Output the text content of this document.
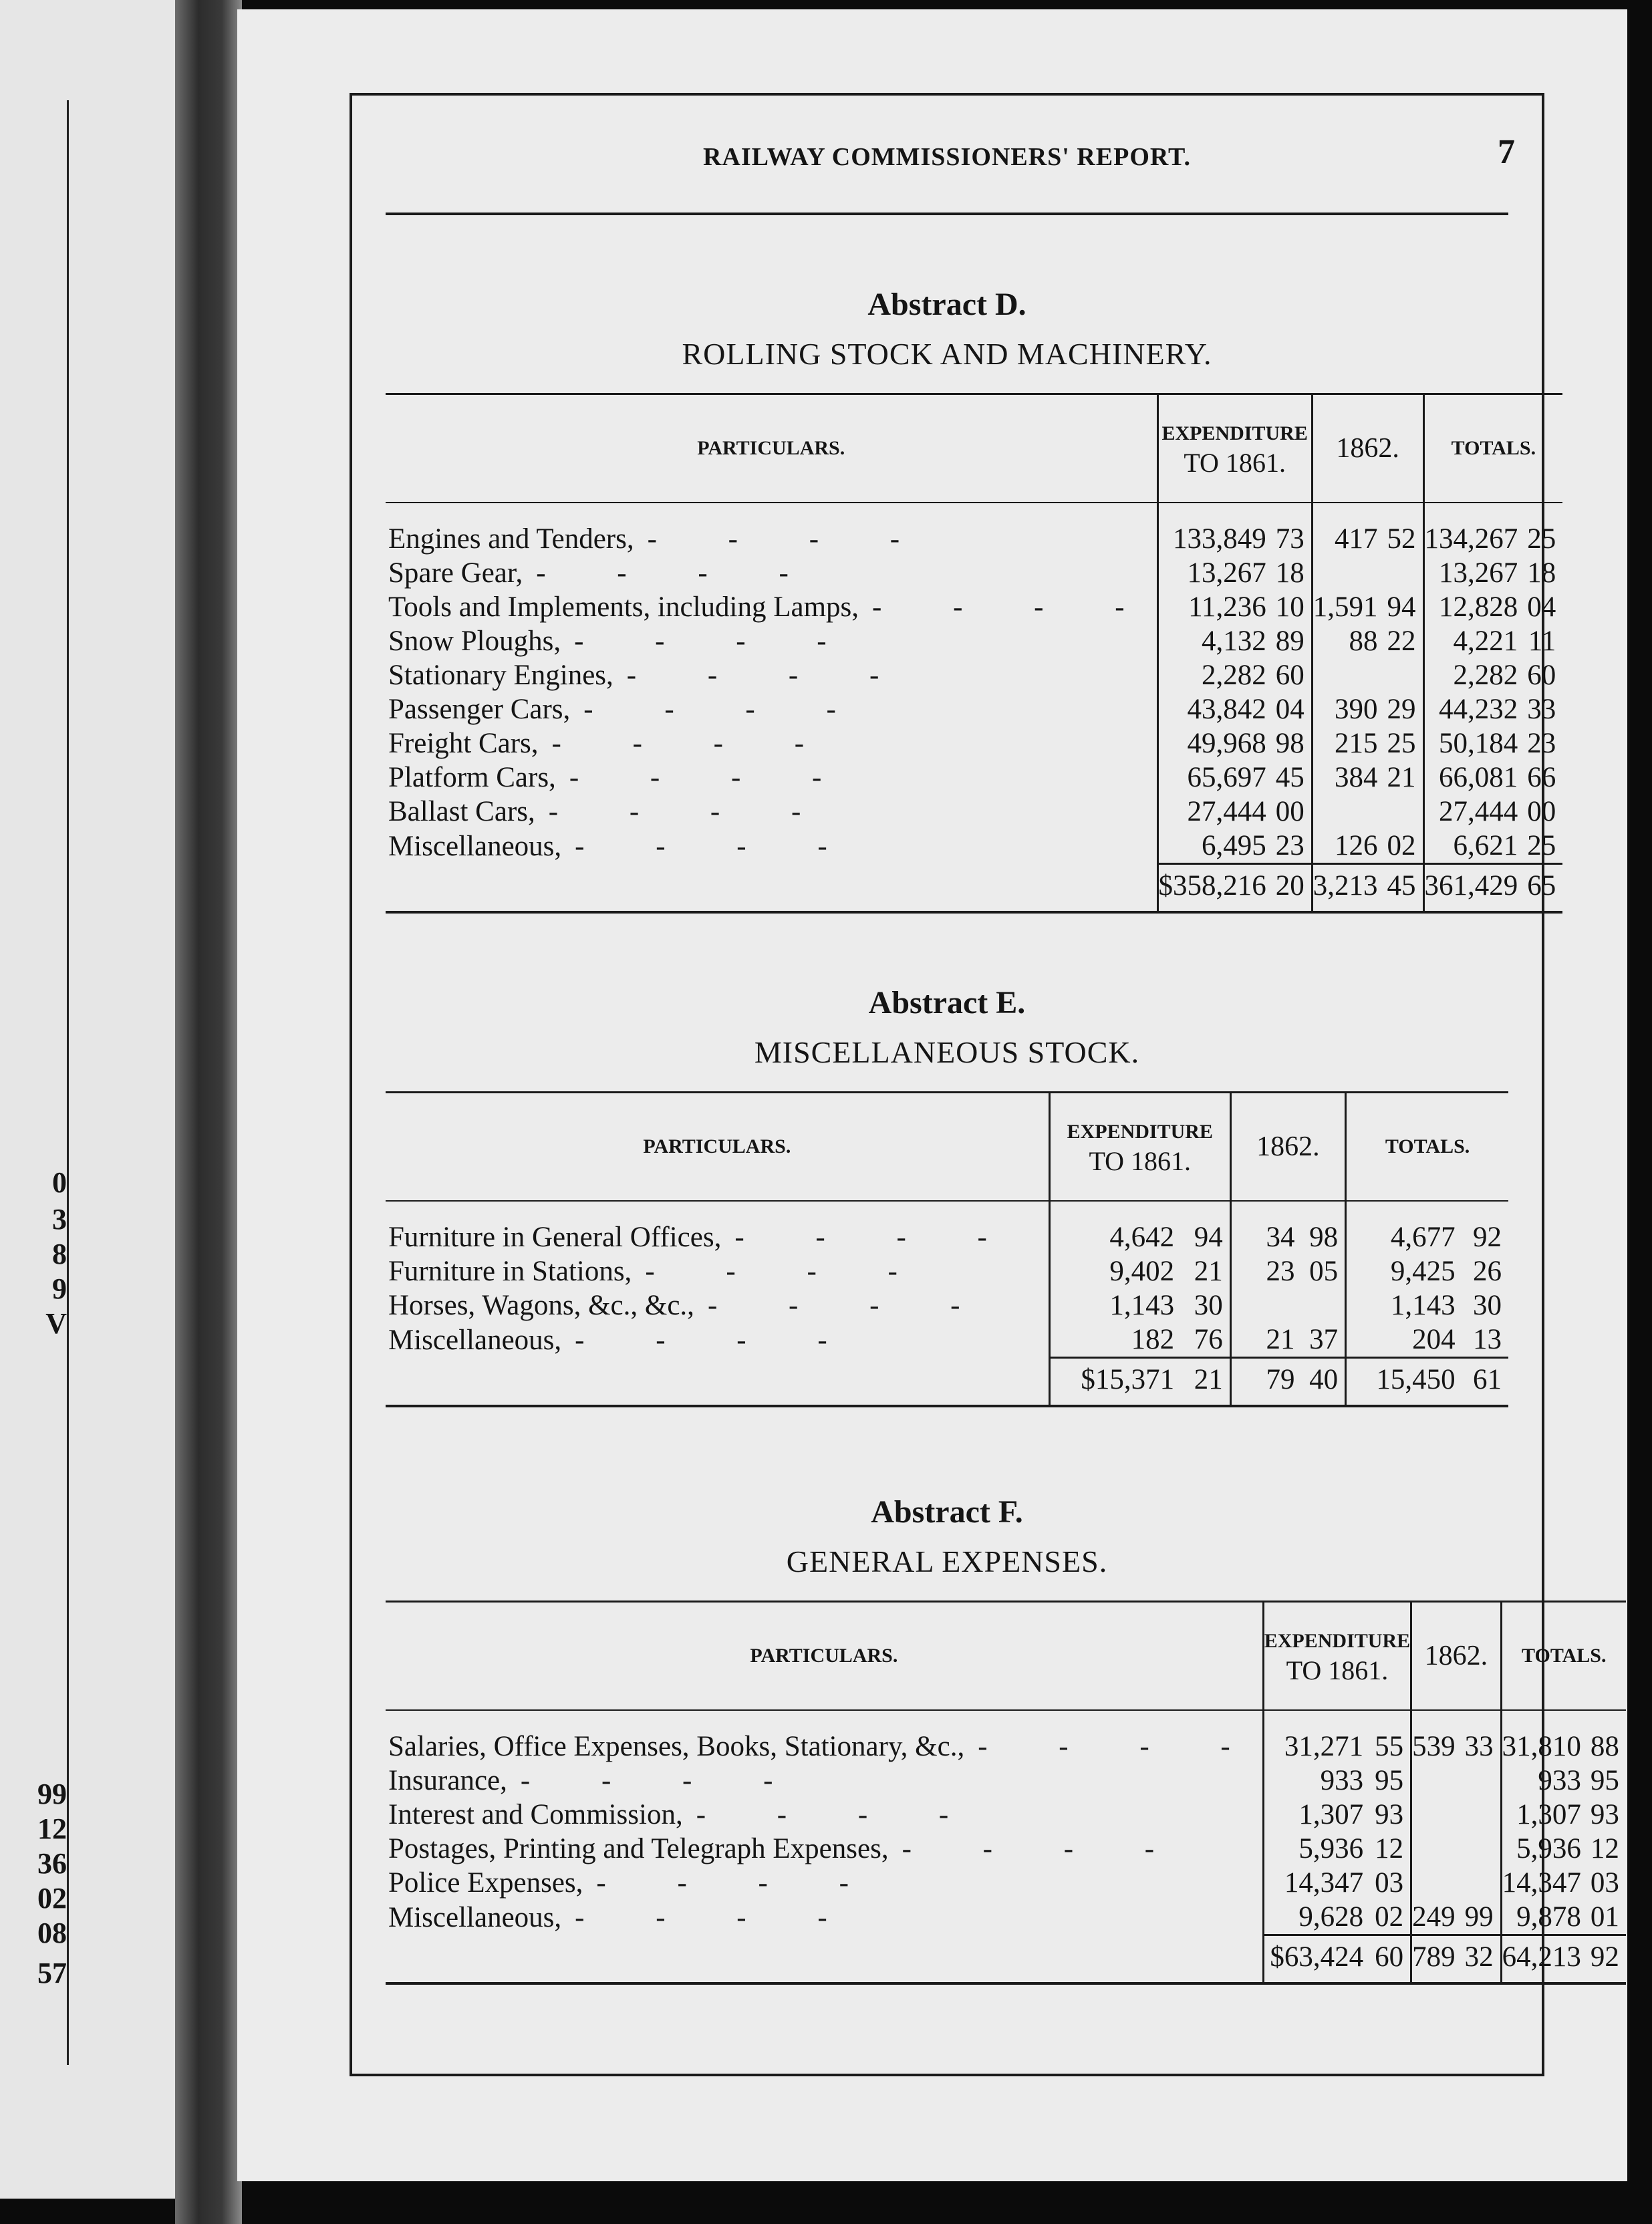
0
3
8
9
V
99
12
36
02
08
57
RAILWAY COMMISSIONERS' REPORT.	7
Abstract D.
ROLLING STOCK AND MACHINERY.
PARTICULARS.	EXPENDITURE
TO 1861.		1862.		TOTALS.	
Engines and Tenders, - - - -	133,849	73	417	52	134,267	25
Spare Gear, - - - -	13,267	18			13,267	18
Tools and Implements, including Lamps, - - - -	11,236	10	1,591	94	12,828	04
Snow Ploughs, - - - -	4,132	89	88	22	4,221	11
Stationary Engines, - - - -	2,282	60			2,282	60
Passenger Cars, - - - -	43,842	04	390	29	44,232	33
Freight Cars, - - - -	49,968	98	215	25	50,184	23
Platform Cars, - - - -	65,697	45	384	21	66,081	66
Ballast Cars, - - - -	27,444	00			27,444	00
Miscellaneous, - - - -	6,495	23	126	02	6,621	25
	$358,216	20	3,213	45	361,429	65
Abstract E.
MISCELLANEOUS STOCK.
PARTICULARS.	EXPENDITURE
TO 1861.		1862.		TOTALS.	
Furniture in General Offices, - - - -	4,642	94	34	98	4,677	92
Furniture in Stations, - - - -	9,402	21	23	05	9,425	26
Horses, Wagons, &c., &c., - - - -	1,143	30			1,143	30
Miscellaneous, - - - -	182	76	21	37	204	13
	$15,371	21	79	40	15,450	61
Abstract F.
GENERAL EXPENSES.
PARTICULARS.	EXPENDITURE
TO 1861.		1862.		TOTALS.	
Salaries, Office Expenses, Books, Stationary, &c., - - - -	31,271	55	539	33	31,810	88
Insurance, - - - -	933	95			933	95
Interest and Commission, - - - -	1,307	93			1,307	93
Postages, Printing and Telegraph Expenses, - - - -	5,936	12			5,936	12
Police Expenses, - - - -	14,347	03			14,347	03
Miscellaneous, - - - -	9,628	02	249	99	9,878	01
	$63,424	60	789	32	64,213	92
